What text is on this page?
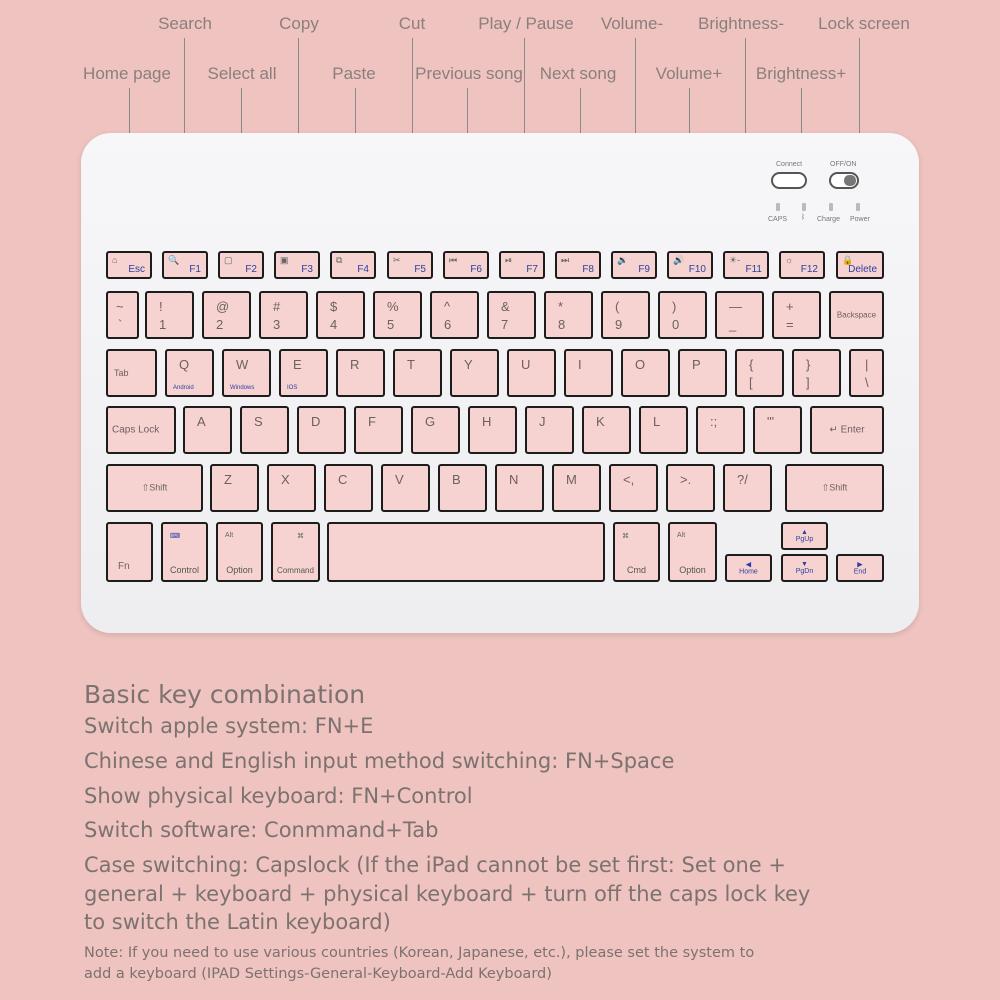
Search	Copy	Cut	Play / Pause Volume- Brightness- Lock screen
Home page Select all	Paste Previous song Next song Volume+ Brightness+
Connect	OFF/ON
CAPS ᛒ Charge Power
⌂
Esc
🔍
F1
▢
F2
▣
F3
⧉
F4
✂
F5
⏮
F6
⏯
F7
⏭
F8
🔉
F9
🔊
F10
☀-
F11
☼
F12
🔒
Delete
~
`
!
1
@
2
#
3
$
4
%
5
^
6
&
7
*
8
(
9
)
0
—
_
+
=
Backspace
Tab
Q
Android
W
Windows
E
IOS
R	T	Y	U	I	O	P	{
[
}
]
|
\
Caps Lock
A	S	D	F	G	H	J	K	L	:;	"'
↵ Enter
⇧Shift
Z	X	C	V	B	N	M	<,	>.	?/
⇧Shift
Fn
⌨
Control
Alt
Option
⌘
Command
⌘
Cmd
Alt
Option
▲
PgUp
◀
Home
▼
PgDn
▶
End
Basic key combination
Switch apple system: FN+E
Chinese and English input method switching: FN+Space
Show physical keyboard: FN+Control
Switch software: Conmmand+Tab
Case switching: Capslock (If the iPad cannot be set first: Set one +
general + keyboard + physical keyboard + turn off the caps lock key
to switch the Latin keyboard)
Note: If you need to use various countries (Korean, Japanese, etc.), please set the system to
add a keyboard (IPAD Settings-General-Keyboard-Add Keyboard)
